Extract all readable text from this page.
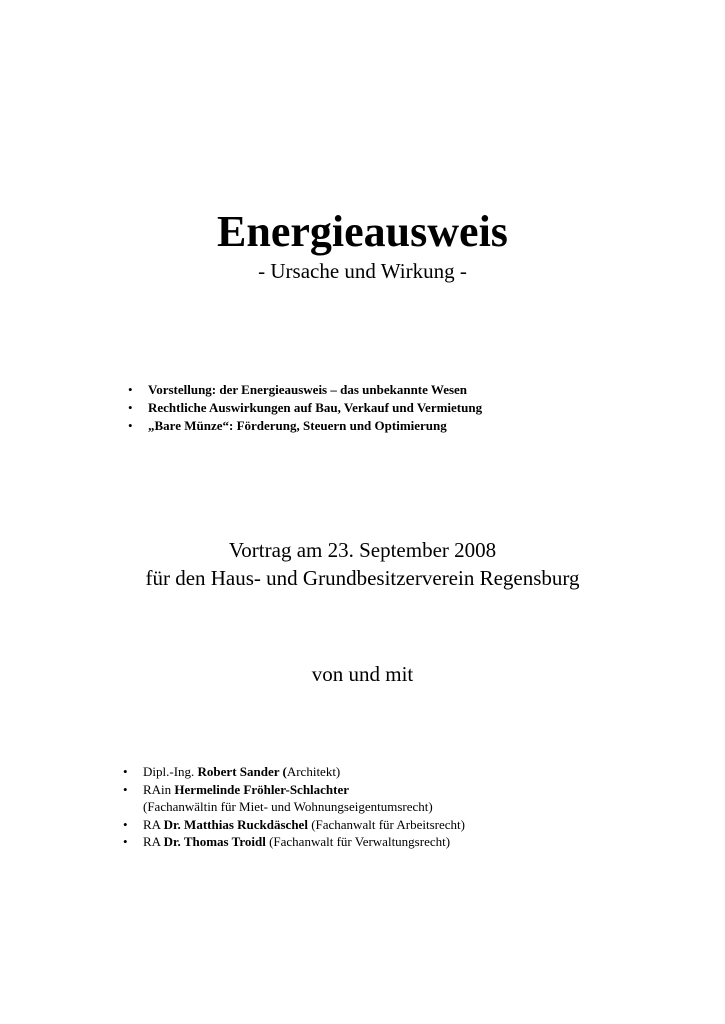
Energieausweis

- Ursache und Wirkung -

• Vorstellung: der Energieausweis – das unbekannte Wesen
• Rechtliche Auswirkungen auf Bau, Verkauf und Vermietung
• „Bare Münze“: Förderung, Steuern und Optimierung
Vortrag am 23. September 2008
für den Haus- und Grundbesitzerverein Regensburg

von und mit

• Dipl.-Ing. Robert Sander (Architekt)
• RAin Hermelinde Fröhler-Schlachter
(Fachanwältin für Miet- und Wohnungseigentumsrecht)
• RA Dr. Matthias Ruckdäschel (Fachanwalt für Arbeitsrecht)
• RA Dr. Thomas Troidl (Fachanwalt für Verwaltungsrecht)
